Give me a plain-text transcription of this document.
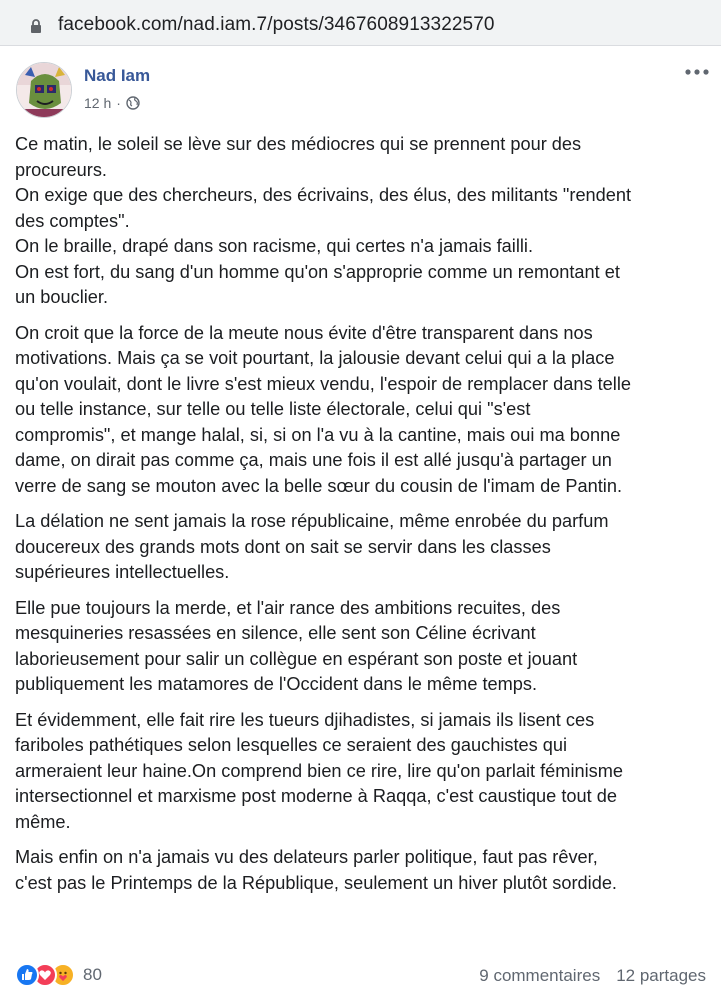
facebook.com/nad.iam.7/posts/3467608913322570
Nad Iam
12 h ·
Ce matin, le soleil se lève sur des médiocres qui se prennent pour des
procureurs.
On exige que des chercheurs, des écrivains, des élus, des militants "rendent
des comptes".
On le braille, drapé dans son racisme, qui certes n'a jamais failli.
On est fort, du sang d'un homme qu'on s'approprie comme un remontant et
un bouclier.
On croit que la force de la meute nous évite d'être transparent dans nos
motivations. Mais ça se voit pourtant, la jalousie devant celui qui a la place
qu'on voulait, dont le livre s'est mieux vendu, l'espoir de remplacer dans telle
ou telle instance, sur telle ou telle liste électorale, celui qui "s'est
compromis", et mange halal, si, si on l'a vu à la cantine, mais oui ma bonne
dame, on dirait pas comme ça, mais une fois il est allé jusqu'à partager un
verre de sang se mouton avec la belle sœur du cousin de l'imam de Pantin.
La délation ne sent jamais la rose républicaine, même enrobée du parfum
doucereux des grands mots dont on sait se servir dans les classes
supérieures intellectuelles.
Elle pue toujours la merde, et l'air rance des ambitions recuites, des
mesquineries resassées en silence, elle sent son Céline écrivant
laborieusement pour salir un collègue en espérant son poste et jouant
publiquement les matamores de l'Occident dans le même temps.
Et évidemment, elle fait rire les tueurs djihadistes, si jamais ils lisent ces
fariboles pathétiques selon lesquelles ce seraient des gauchistes qui
armeraient leur haine.On comprend bien ce rire, lire qu'on parlait féminisme
intersectionnel et marxisme post moderne à Raqqa, c'est caustique tout de
même.
Mais enfin on n'a jamais vu des delateurs parler politique, faut pas rêver,
c'est pas le Printemps de la République, seulement un hiver plutôt sordide.
80	9 commentaires 12 partages
